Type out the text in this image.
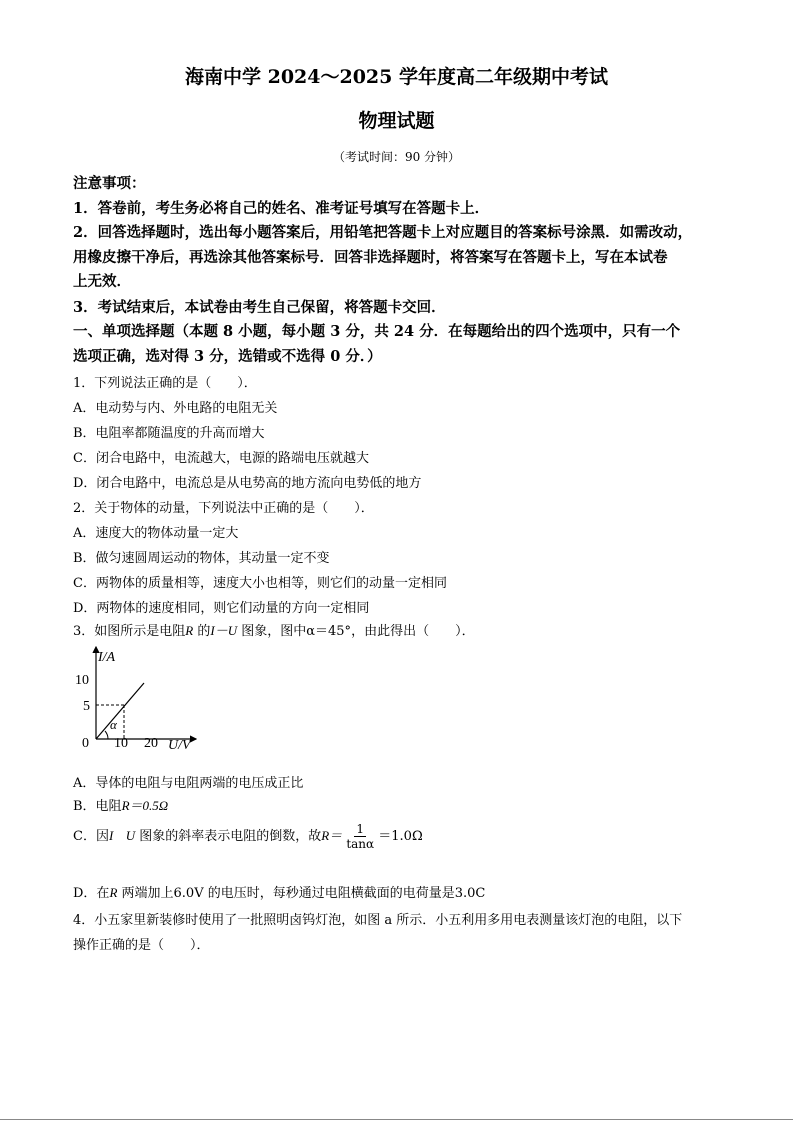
海南中学 2024～2025 学年度高二年级期中考试
物理试题
（考试时间：90 分钟）
注意事项：
1．答卷前，考生务必将自己的姓名、准考证号填写在答题卡上．
2．回答选择题时，选出每小题答案后，用铅笔把答题卡上对应题目的答案标号涂黑．如需改动，
用橡皮擦干净后，再选涂其他答案标号．回答非选择题时，将答案写在答题卡上，写在本试卷
上无效．
3．考试结束后，本试卷由考生自己保留，将答题卡交回．
一、单项选择题（本题 8 小题，每小题 3 分，共 24 分．在每题给出的四个选项中，只有一个
选项正确，选对得 3 分，选错或不选得 0 分．）
1．下列说法正确的是（　　）．
A．电动势与内、外电路的电阻无关
B．电阻率都随温度的升高而增大
C．闭合电路中，电流越大，电源的路端电压就越大
D．闭合电路中，电流总是从电势高的地方流向电势低的地方
2．关于物体的动量，下列说法中正确的是（　　）．
A．速度大的物体动量一定大
B．做匀速圆周运动的物体，其动量一定不变
C．两物体的质量相等，速度大小也相等，则它们的动量一定相同
D．两物体的速度相同，则它们动量的方向一定相同
3．如图所示是电阻R 的I－U 图象，图中α＝45°，由此得出（　　）．
I/A
10
5
α
0 10 20 U/V
A．导体的电阻与电阻两端的电压成正比
B．电阻R＝0.5Ω
C．因I U 图象的斜率表示电阻的倒数，故$R= \frac{1}{\tan\alpha} =1.0\Omega$
D．在R 两端加上6.0V 的电压时，每秒通过电阻横截面的电荷量是3.0C
4．小五家里新装修时使用了一批照明卤钨灯泡，如图 a 所示．小五利用多用电表测量该灯泡的电阻，以下
操作正确的是（　　）．
